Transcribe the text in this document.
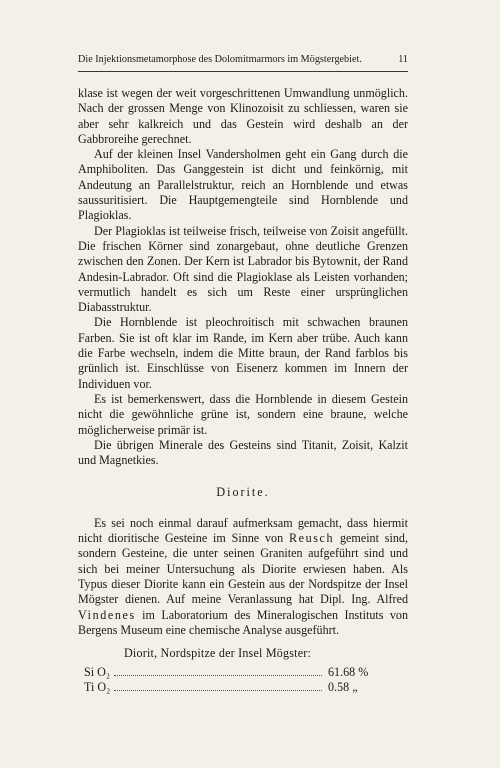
Die Injektionsmetamorphose des Dolomitmarmors im Mögstergebiet.	11

klase ist wegen der weit vorgeschrittenen Umwandlung unmöglich. Nach der grossen Menge von Klinozoisit zu schliessen, waren sie aber sehr kalkreich und das Gestein wird deshalb an der Gabbroreihe gerechnet.

Auf der kleinen Insel Vandersholmen geht ein Gang durch die Amphiboliten. Das Ganggestein ist dicht und feinkörnig, mit Andeutung an Parallelstruktur, reich an Hornblende und etwas saussuritisiert. Die Hauptgemengteile sind Hornblende und Plagioklas.

Der Plagioklas ist teilweise frisch, teilweise von Zoisit angefüllt. Die frischen Körner sind zonargebaut, ohne deutliche Grenzen zwischen den Zonen. Der Kern ist Labrador bis Bytownit, der Rand Andesin-Labrador. Oft sind die Plagioklase als Leisten vorhanden; vermutlich handelt es sich um Reste einer ursprünglichen Diabasstruktur.

Die Hornblende ist pleochroitisch mit schwachen braunen Farben. Sie ist oft klar im Rande, im Kern aber trübe. Auch kann die Farbe wechseln, indem die Mitte braun, der Rand farblos bis grünlich ist. Einschlüsse von Eisenerz kommen im Innern der Individuen vor.

Es ist bemerkenswert, dass die Hornblende in diesem Gestein nicht die gewöhnliche grüne ist, sondern eine braune, welche möglicherweise primär ist.

Die übrigen Minerale des Gesteins sind Titanit, Zoisit, Kalzit und Magnetkies.

Diorite.

Es sei noch einmal darauf aufmerksam gemacht, dass hiermit nicht dioritische Gesteine im Sinne von Reusch gemeint sind, sondern Gesteine, die unter seinen Graniten aufgeführt sind und sich bei meiner Untersuchung als Diorite erwiesen haben. Als Typus dieser Diorite kann ein Gestein aus der Nordspitze der Insel Mögster dienen. Auf meine Veranlassung hat Dipl. Ing. Alfred Vindenes im Laboratorium des Mineralogischen Instituts von Bergens Museum eine chemische Analyse ausgeführt.

Diorit, Nordspitze der Insel Mögster:
Si O₂	61.68 %
Ti O₂	0.58 „
